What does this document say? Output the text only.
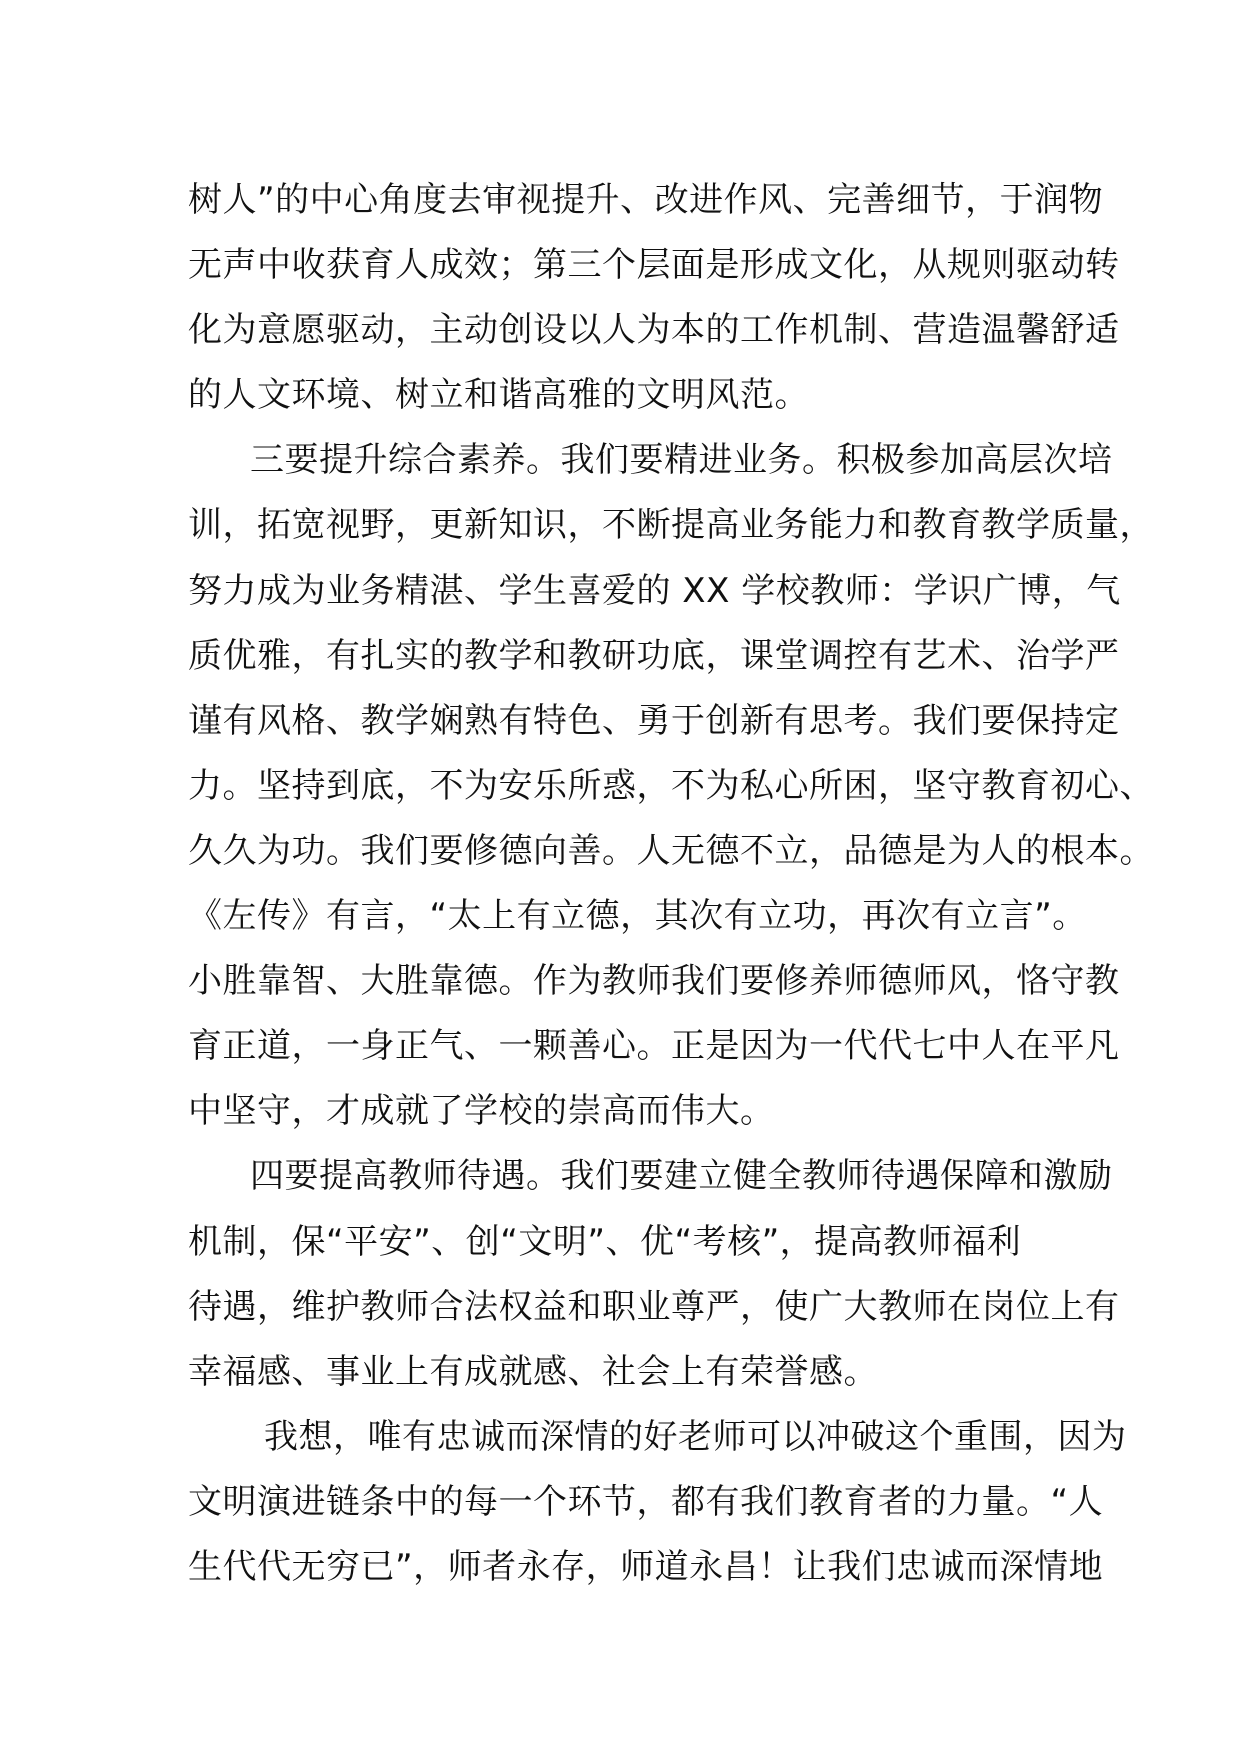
树人”的中心角度去审视提升、改进作风、完善细节，于润物
无声中收获育人成效；第三个层面是形成文化，从规则驱动转
化为意愿驱动，主动创设以人为本的工作机制、营造温馨舒适
的人文环境、树立和谐高雅的文明风范。
三要提升综合素养。我们要精进业务。积极参加高层次培
训，拓宽视野，更新知识，不断提高业务能力和教育教学质量，
努力成为业务精湛、学生喜爱的 XX 学校教师：学识广博，气
质优雅，有扎实的教学和教研功底，课堂调控有艺术、治学严
谨有风格、教学娴熟有特色、勇于创新有思考。我们要保持定
力。坚持到底，不为安乐所惑，不为私心所困，坚守教育初心、
久久为功。我们要修德向善。人无德不立，品德是为人的根本。
《左传》有言，“太上有立德，其次有立功，再次有立言”。
小胜靠智、大胜靠德。作为教师我们要修养师德师风，恪守教
育正道，一身正气、一颗善心。正是因为一代代七中人在平凡
中坚守，才成就了学校的崇高而伟大。
四要提高教师待遇。我们要建立健全教师待遇保障和激励
机制，保“平安”、创“文明”、优“考核”，提高教师福利
待遇，维护教师合法权益和职业尊严，使广大教师在岗位上有
幸福感、事业上有成就感、社会上有荣誉感。
我想，唯有忠诚而深情的好老师可以冲破这个重围，因为
文明演进链条中的每一个环节，都有我们教育者的力量。“人
生代代无穷已”，师者永存，师道永昌！让我们忠诚而深情地
